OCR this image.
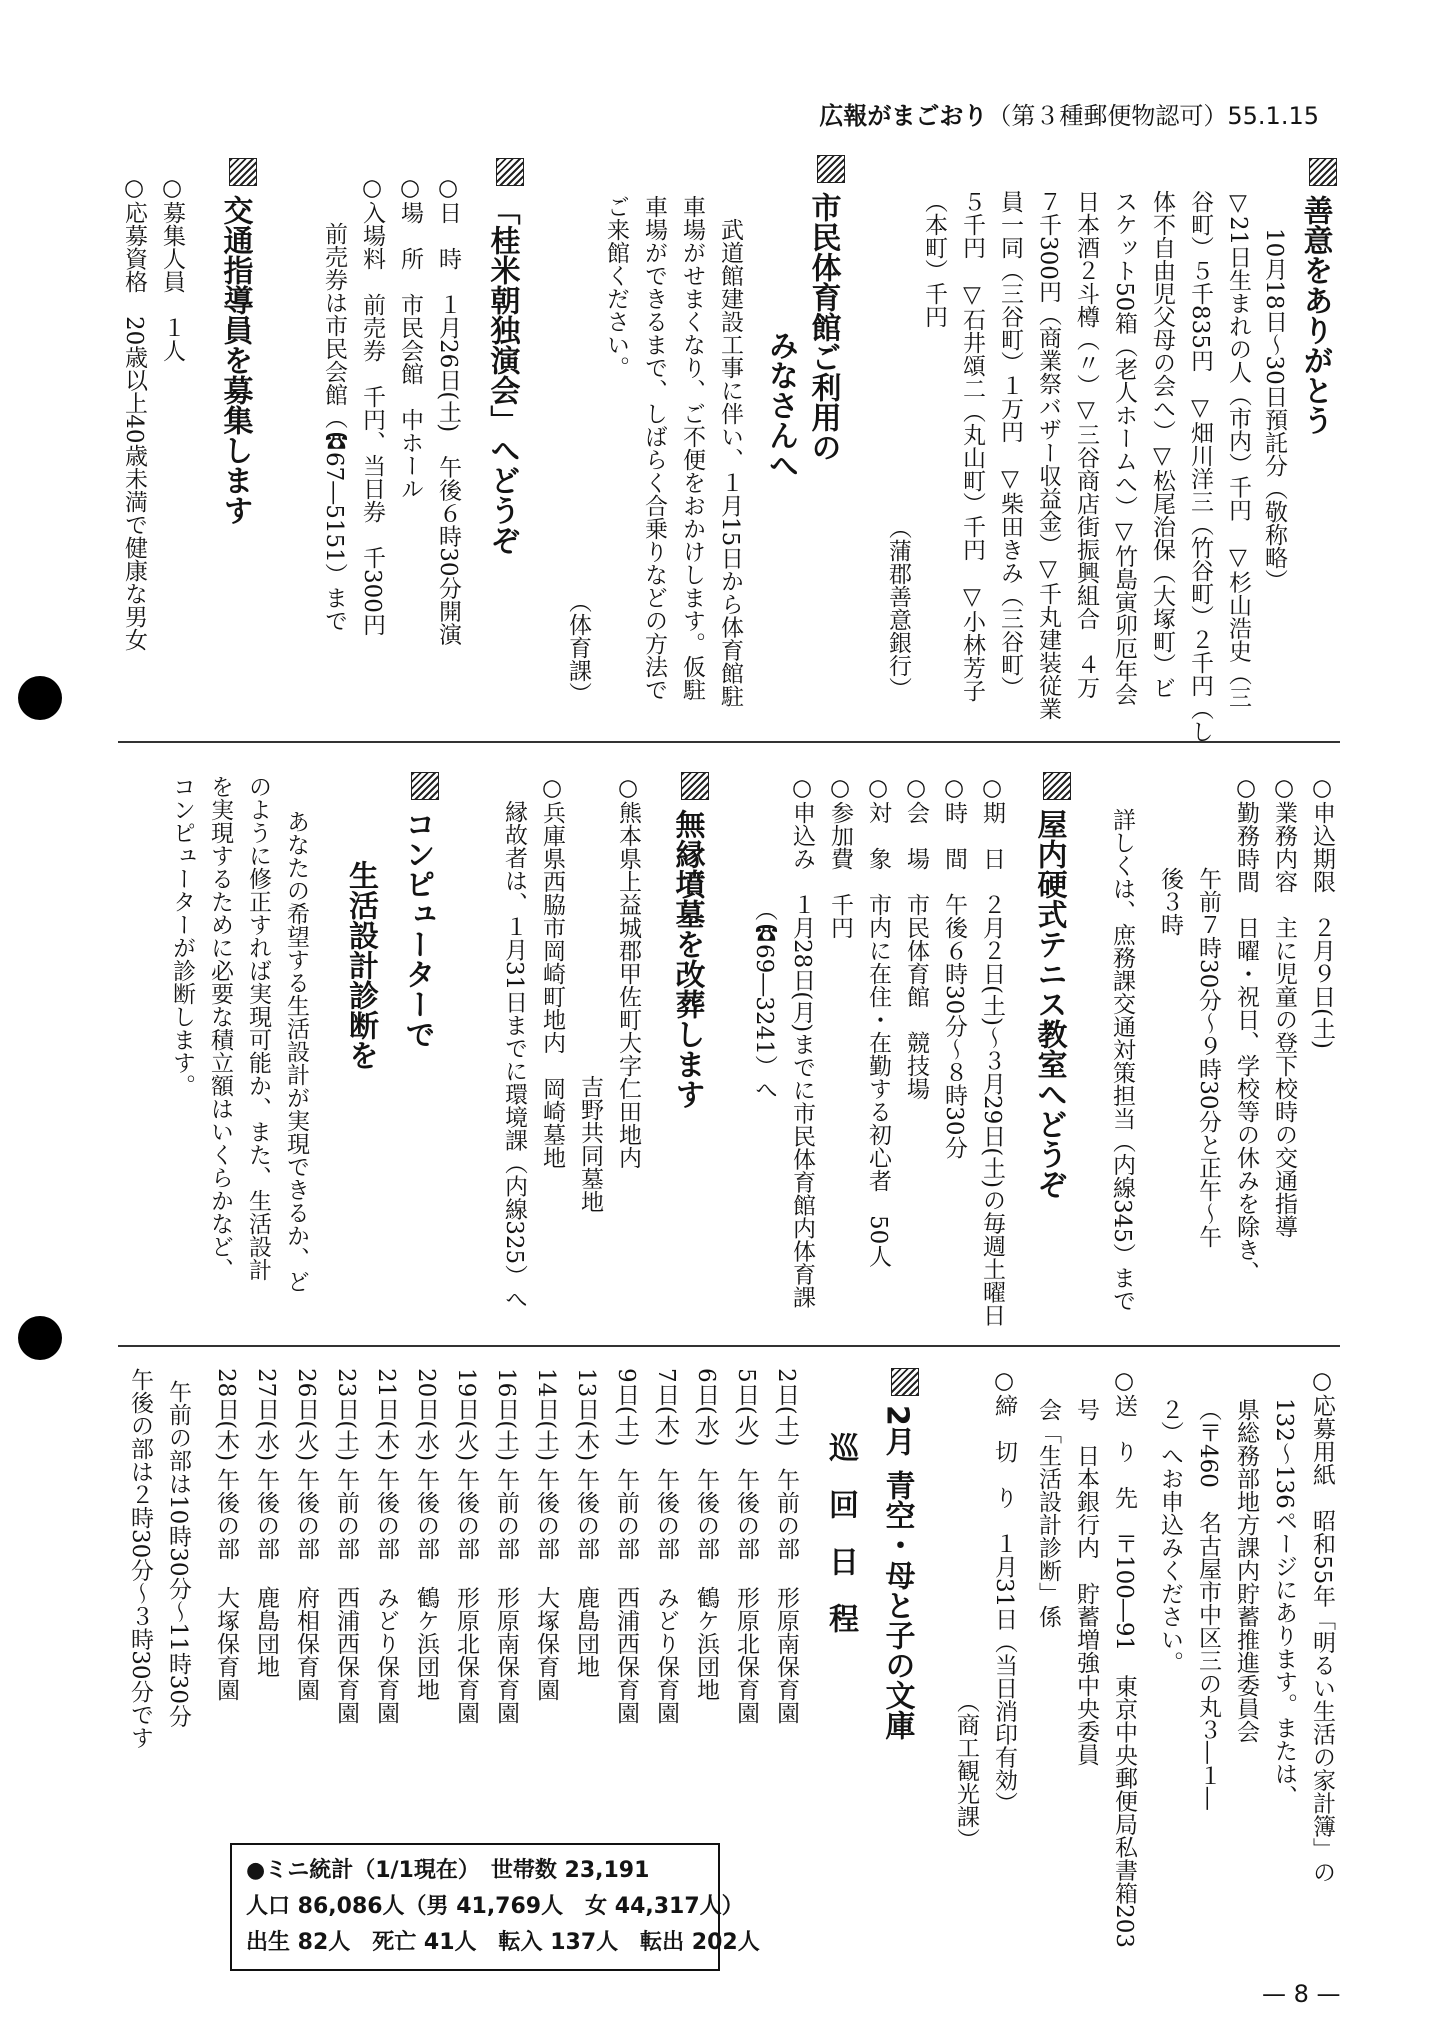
広報がまごおり（第３種郵便物認可）55.1.15
善意をありがとう
10月18日～30日預託分（敬称略）
▽21日生まれの人（市内）千円　▽杉山浩史（三
谷町）５千835円　▽畑川洋三（竹谷町）２千円（し
体不自由児父母の会へ）▽松尾治保（大塚町）ビ
スケット50箱（老人ホームへ）▽竹島寅卯厄年会
日本酒２斗樽（〃）▽三谷商店街振興組合　４万
７千300円（商業祭バザー収益金）▽千丸建装従業
員一同（三谷町）１万円　▽柴田きみ（三谷町）
５千円　▽石井頌二（丸山町）千円　▽小林芳子
（本町）千円
（蒲郡善意銀行）
市民体育館ご利用の
みなさんへ
武道館建設工事に伴い、１月15日から体育館駐
車場がせまくなり、ご不便をおかけします。仮駐
車場ができるまで、しばらく合乗りなどの方法で
ご来館ください。
（体育課）
「桂米朝独演会」へどうぞ
○日　時　１月26日(土)　午後６時30分開演
○場　所　市民会館　中ホール
○入場料　前売券　千円、当日券　千300円
前売券は市民会館（☎67―5151）まで
交通指導員を募集します
○募集人員　１人
○応募資格　20歳以上40歳未満で健康な男女
○申込期限　２月９日(土)
○業務内容　主に児童の登下校時の交通指導
○勤務時間　日曜・祝日、学校等の休みを除き、
午前７時30分～９時30分と正午～午
後３時
詳しくは、庶務課交通対策担当（内線345）まで
屋内硬式テニス教室へどうぞ
○期　日　２月２日(土)～３月29日(土)の毎週土曜日
○時　間　午後６時30分～８時30分
○会　場　市民体育館　競技場
○対　象　市内に在住・在勤する初心者　50人
○参加費　千円
○申込み　１月28日(月)までに市民体育館内体育課
（☎69―3241）へ
無縁墳墓を改葬します
○熊本県上益城郡甲佐町大字仁田地内
吉野共同墓地
○兵庫県西脇市岡崎町地内　岡崎墓地
縁故者は、１月31日までに環境課（内線325）へ
コンピューターで
生活設計診断を
あなたの希望する生活設計が実現できるか、ど
のように修正すれば実現可能か、また、生活設計
を実現するために必要な積立額はいくらかなど、
コンピューターが診断します。
○応募用紙　昭和55年「明るい生活の家計簿」の
132～136ページにあります。または、
県総務部地方課内貯蓄推進委員会
（〒460　名古屋市中区三の丸３―１―
２）へお申込みください。
○送　り　先　〒100―91　東京中央郵便局私書箱203
号　日本銀行内　貯蓄増強中央委員
会「生活設計診断」係
○締　切　り　１月31日（当日消印有効）
（商工観光課）
2月青空・母と子の文庫
巡回日程
2日(土)
午前の部
形原南保育園
5日(火)
午後の部
形原北保育園
6日(水)
午後の部
鶴ケ浜団地
7日(木)
午後の部
みどり保育園
9日(土)
午前の部
西浦西保育園
13日(木)
午後の部
鹿島団地
14日(土)
午後の部
大塚保育園
16日(土)
午前の部
形原南保育園
19日(火)
午後の部
形原北保育園
20日(水)
午後の部
鶴ケ浜団地
21日(木)
午後の部
みどり保育園
23日(土)
午前の部
西浦西保育園
26日(火)
午後の部
府相保育園
27日(水)
午後の部
鹿島団地
28日(木)
午後の部
大塚保育園
午前の部は10時30分～11時30分
午後の部は２時30分～３時30分です
●ミニ統計（1/1現在）　世帯数 23,191
人口 86,086人（男 41,769人　女 44,317人）
出生 82人　死亡 41人　転入 137人　転出 202人
— 8 —
